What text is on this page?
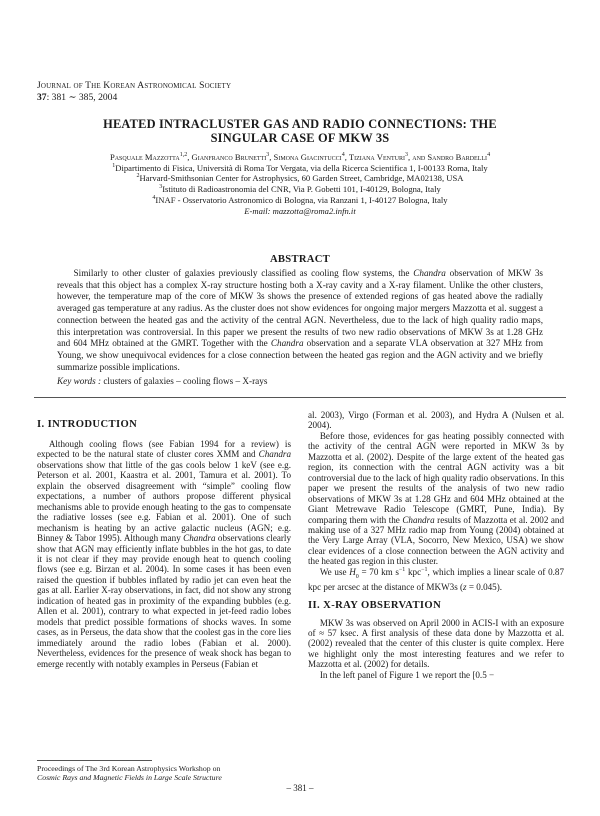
Journal of The Korean Astronomical Society
37: 381 ∼ 385, 2004
HEATED INTRACLUSTER GAS AND RADIO CONNECTIONS: THE
SINGULAR CASE OF MKW 3S
Pasquale Mazzotta$^{1,2}$, Gianfranco Brunetti$^3$, Simona Giacintucci$^4$, Tiziana Venturi$^3$, and Sandro Bardelli$^4$
$^1$Dipartimento di Fisica, Università di Roma Tor Vergata, via della Ricerca Scientifica 1, I-00133 Roma, Italy
$^2$Harvard-Smithsonian Center for Astrophysics, 60 Garden Street, Cambridge, MA02138, USA
$^3$Istituto di Radioastronomia del CNR, Via P. Gobetti 101, I-40129, Bologna, Italy
$^4$INAF - Osservatorio Astronomico di Bologna, via Ranzani 1, I-40127 Bologna, Italy
E-mail: mazzotta@roma2.infn.it
ABSTRACT
Similarly to other cluster of galaxies previously classified as cooling flow systems, the Chandra observation of MKW 3s reveals that this object has a complex X-ray structure hosting both a X-ray cavity and a X-ray filament. Unlike the other clusters, however, the temperature map of the core of MKW 3s shows the presence of extended regions of gas heated above the radially averaged gas temperature at any radius. As the cluster does not show evidences for ongoing major mergers Mazzotta et al. suggest a connection between the heated gas and the activity of the central AGN. Nevertheless, due to the lack of high quality radio maps, this interpretation was controversial. In this paper we present the results of two new radio observations of MKW 3s at 1.28 GHz and 604 MHz obtained at the GMRT. Together with the Chandra observation and a separate VLA observation at 327 MHz from Young, we show unequivocal evidences for a close connection between the heated gas region and the AGN activity and we briefly summarize possible implications.
Key words : clusters of galaxies – cooling flows – X-rays
I. INTRODUCTION

Although cooling flows (see Fabian 1994 for a review) is expected to be the natural state of cluster cores XMM and Chandra observations show that little of the gas cools below 1 keV (see e.g. Peterson et al. 2001, Kaastra et al. 2001, Tamura et al. 2001). To explain the observed disagreement with “simple” cooling flow expectations, a number of authors propose different physical mechanisms able to provide enough heating to the gas to compensate the radiative losses (see e.g. Fabian et al. 2001). One of such mechanism is heating by an active galactic nucleus (AGN; e.g. Binney & Tabor 1995). Although many Chandra observations clearly show that AGN may efficiently inflate bubbles in the hot gas, to date it is not clear if they may provide enough heat to quench cooling flows (see e.g. Birzan et al. 2004). In some cases it has been even raised the question if bubbles inflated by radio jet can even heat the gas at all. Earlier X-ray observations, in fact, did not show any strong indication of heated gas in proximity of the expanding bubbles (e.g. Allen et al. 2001), contrary to what expected in jet-feed radio lobes models that predict possible formations of shocks waves. In some cases, as in Perseus, the data show that the coolest gas in the core lies immediately around the radio lobes (Fabian et al. 2000). Nevertheless, evidences for the presence of weak shock has began to emerge recently with notably examples in Perseus (Fabian et

al. 2003), Virgo (Forman et al. 2003), and Hydra A (Nulsen et al. 2004).

Before those, evidences for gas heating possibly connected with the activity of the central AGN were reported in MKW 3s by Mazzotta et al. (2002). Despite of the large extent of the heated gas region, its connection with the central AGN activity was a bit controversial due to the lack of high quality radio observations. In this paper we present the results of the analysis of two new radio observations of MKW 3s at 1.28 GHz and 604 MHz obtained at the Giant Metrewave Radio Telescope (GMRT, Pune, India). By comparing them with the Chandra results of Mazzotta et al. 2002 and making use of a 327 MHz radio map from Young (2004) obtained at the Very Large Array (VLA, Socorro, New Mexico, USA) we show clear evidences of a close connection between the AGN activity and the heated gas region in this cluster.

We use $H_0 = 70$ km $s^{-1}$ kpc$^{-1}$, which implies a linear scale of 0.87 kpc per arcsec at the distance of MKW3s (z = 0.045).

II. X-RAY OBSERVATION

MKW 3s was observed on April 2000 in ACIS-I with an exposure of ≈ 57 ksec. A first analysis of these data done by Mazzotta et al. (2002) revealed that the center of this cluster is quite complex. Here we highlight only the most interesting features and we refer to Mazzotta et al. (2002) for details.

In the left panel of Figure 1 we report the [0.5 −

Proceedings of The 3rd Korean Astrophysics Workshop on
Cosmic Rays and Magnetic Fields in Large Scale Structure
– 381 –
